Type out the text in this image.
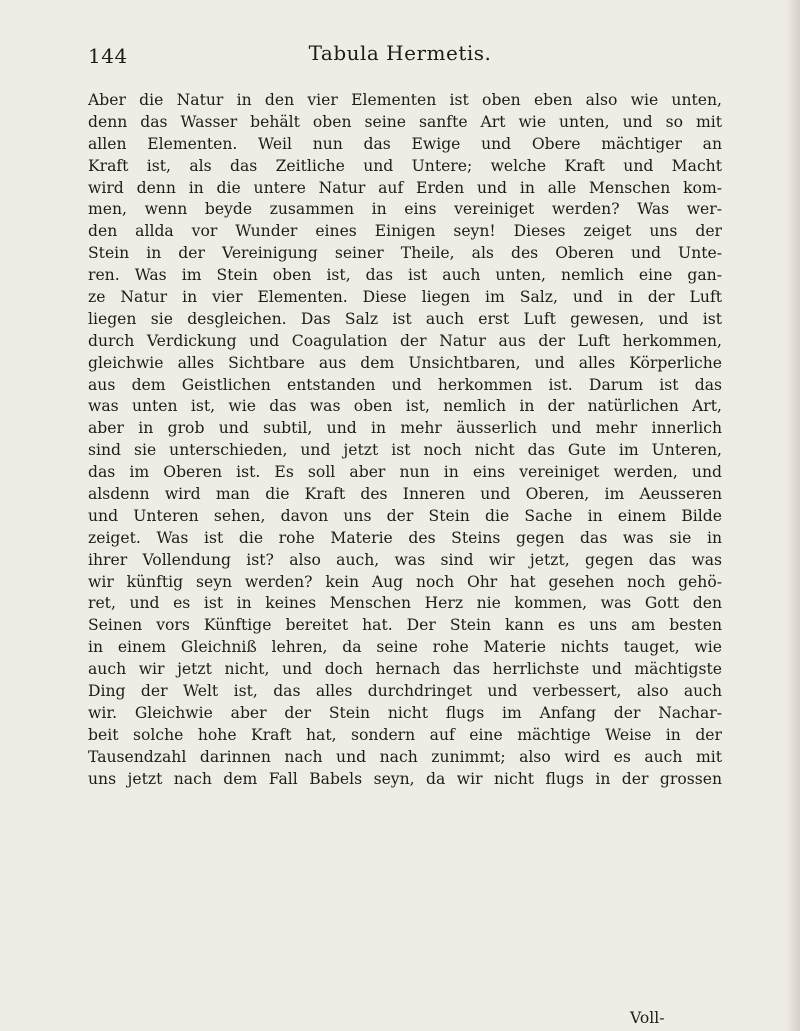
144	Tabula Hermetis.
Aber die Natur in den vier Elementen ist oben eben also wie unten,
denn das Wasser behält oben seine sanfte Art wie unten, und so mit
allen Elementen. Weil nun das Ewige und Obere mächtiger an
Kraft ist, als das Zeitliche und Untere; welche Kraft und Macht
wird denn in die untere Natur auf Erden und in alle Menschen kom-
men, wenn beyde zusammen in eins vereiniget werden? Was wer-
den allda vor Wunder eines Einigen seyn! Dieses zeiget uns der
Stein in der Vereinigung seiner Theile, als des Oberen und Unte-
ren. Was im Stein oben ist, das ist auch unten, nemlich eine gan-
ze Natur in vier Elementen. Diese liegen im Salz, und in der Luft
liegen sie desgleichen. Das Salz ist auch erst Luft gewesen, und ist
durch Verdickung und Coagulation der Natur aus der Luft herkommen,
gleichwie alles Sichtbare aus dem Unsichtbaren, und alles Körperliche
aus dem Geistlichen entstanden und herkommen ist. Darum ist das
was unten ist, wie das was oben ist, nemlich in der natürlichen Art,
aber in grob und subtil, und in mehr äusserlich und mehr innerlich
sind sie unterschieden, und jetzt ist noch nicht das Gute im Unteren,
das im Oberen ist. Es soll aber nun in eins vereiniget werden, und
alsdenn wird man die Kraft des Inneren und Oberen, im Aeusseren
und Unteren sehen, davon uns der Stein die Sache in einem Bilde
zeiget. Was ist die rohe Materie des Steins gegen das was sie in
ihrer Vollendung ist? also auch, was sind wir jetzt, gegen das was
wir künftig seyn werden? kein Aug noch Ohr hat gesehen noch gehö-
ret, und es ist in keines Menschen Herz nie kommen, was Gott den
Seinen vors Künftige bereitet hat. Der Stein kann es uns am besten
in einem Gleichniß lehren, da seine rohe Materie nichts tauget, wie
auch wir jetzt nicht, und doch hernach das herrlichste und mächtigste
Ding der Welt ist, das alles durchdringet und verbessert, also auch
wir. Gleichwie aber der Stein nicht flugs im Anfang der Nachar-
beit solche hohe Kraft hat, sondern auf eine mächtige Weise in der
Tausendzahl darinnen nach und nach zunimmt; also wird es auch mit
uns jetzt nach dem Fall Babels seyn, da wir nicht flugs in der grossen
Voll-
